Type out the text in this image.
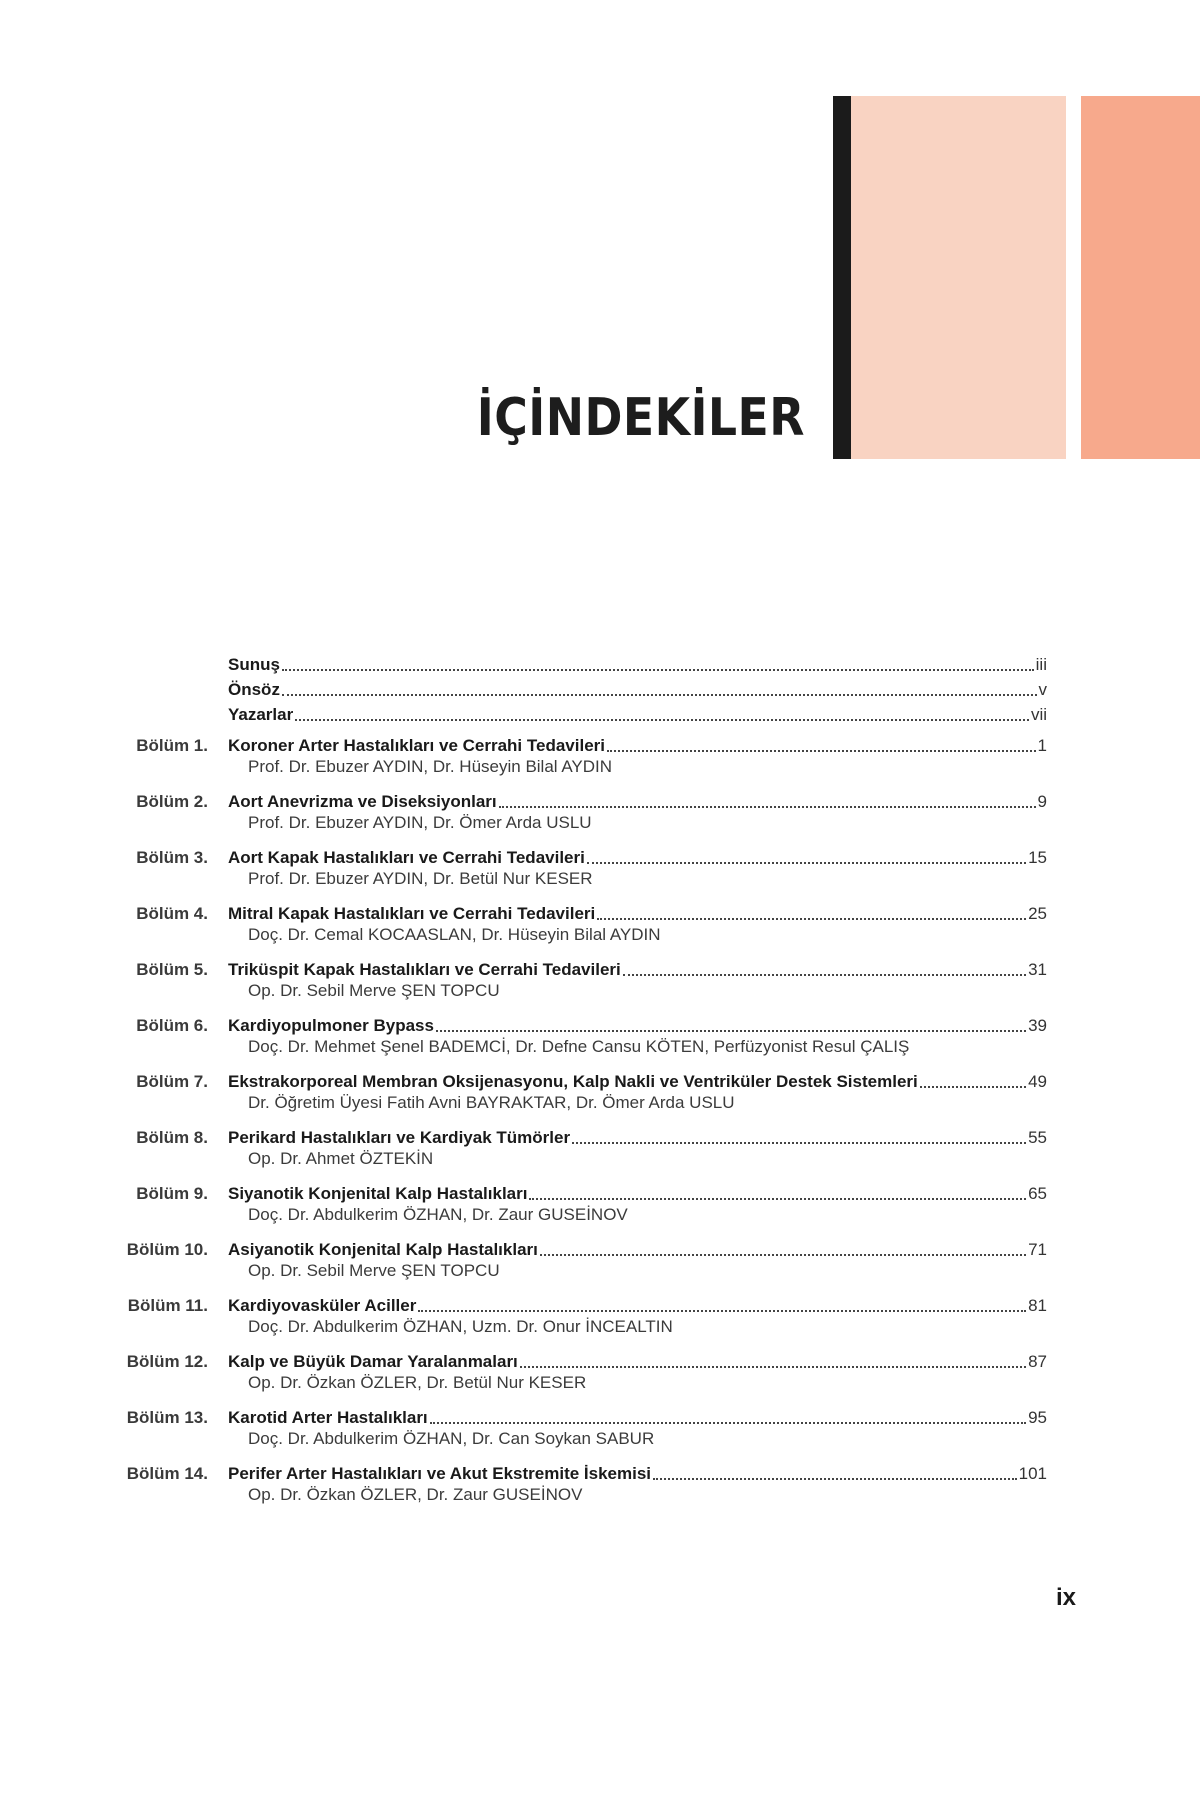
İÇİNDEKİLER
Sunuş	iii
Önsöz	v
Yazarlar	vii
Bölüm 1.	Koroner Arter Hastalıkları ve Cerrahi Tedavileri	1
Prof. Dr. Ebuzer AYDIN, Dr. Hüseyin Bilal AYDIN
Bölüm 2.	Aort Anevrizma ve Diseksiyonları	9
Prof. Dr. Ebuzer AYDIN, Dr. Ömer Arda USLU
Bölüm 3.	Aort Kapak Hastalıkları ve Cerrahi Tedavileri	15
Prof. Dr. Ebuzer AYDIN, Dr. Betül Nur KESER
Bölüm 4.	Mitral Kapak Hastalıkları ve Cerrahi Tedavileri	25
Doç. Dr. Cemal KOCAASLAN, Dr. Hüseyin Bilal AYDIN
Bölüm 5.	Triküspit Kapak Hastalıkları ve Cerrahi Tedavileri	31
Op. Dr. Sebil Merve ŞEN TOPCU
Bölüm 6.	Kardiyopulmoner Bypass	39
Doç. Dr. Mehmet Şenel BADEMCİ, Dr. Defne Cansu KÖTEN, Perfüzyonist Resul ÇALIŞ
Bölüm 7.	Ekstrakorporeal Membran Oksijenasyonu, Kalp Nakli ve Ventriküler Destek Sistemleri	49
Dr. Öğretim Üyesi Fatih Avni BAYRAKTAR, Dr. Ömer Arda USLU
Bölüm 8.	Perikard Hastalıkları ve Kardiyak Tümörler	55
Op. Dr. Ahmet ÖZTEKİN
Bölüm 9.	Siyanotik Konjenital Kalp Hastalıkları	65
Doç. Dr. Abdulkerim ÖZHAN, Dr. Zaur GUSEİNOV
Bölüm 10.	Asiyanotik Konjenital Kalp Hastalıkları	71
Op. Dr. Sebil Merve ŞEN TOPCU
Bölüm 11.	Kardiyovasküler Aciller	81
Doç. Dr. Abdulkerim ÖZHAN, Uzm. Dr. Onur İNCEALTIN
Bölüm 12.	Kalp ve Büyük Damar Yaralanmaları	87
Op. Dr. Özkan ÖZLER, Dr. Betül Nur KESER
Bölüm 13.	Karotid Arter Hastalıkları	95
Doç. Dr. Abdulkerim ÖZHAN, Dr. Can Soykan SABUR
Bölüm 14.	Perifer Arter Hastalıkları ve Akut Ekstremite İskemisi	101
Op. Dr. Özkan ÖZLER, Dr. Zaur GUSEİNOV
ix
